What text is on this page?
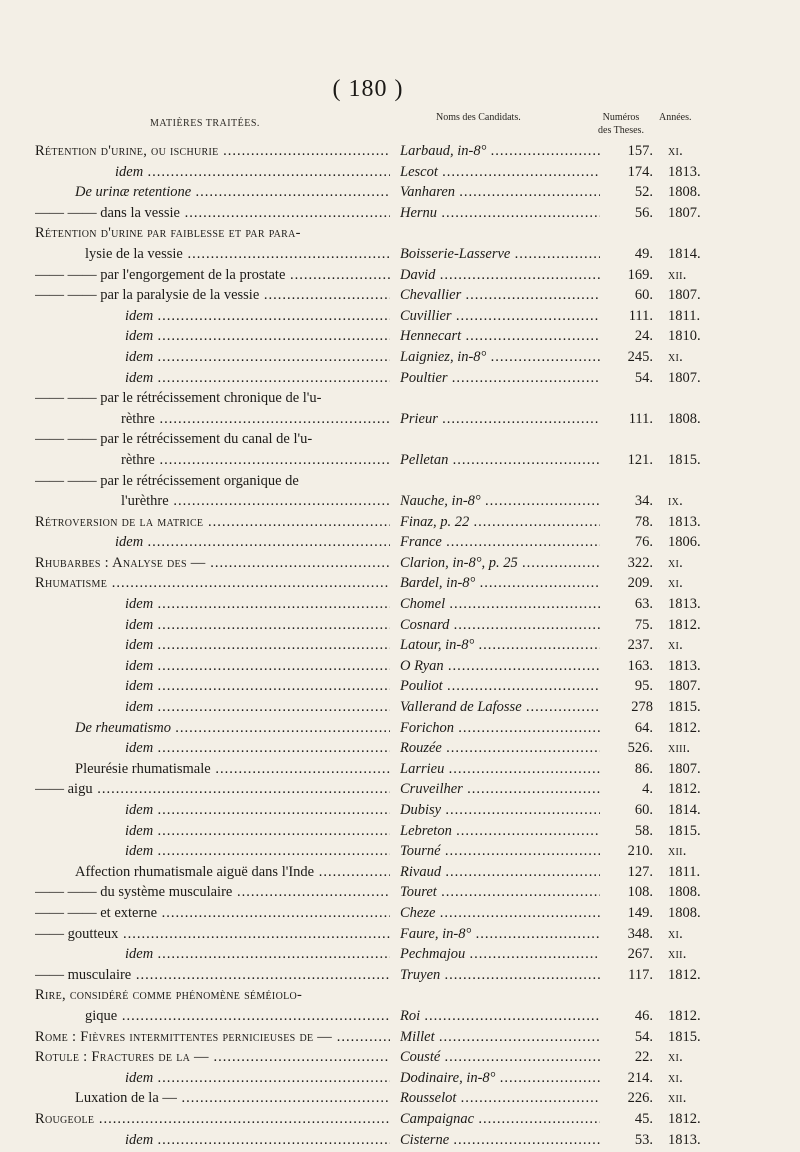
( 180 )
MATIÈRES TRAITÉES.
Noms des Candidats.	Numéros
des Theses.
Années.
Rétention d'urine, ou ischurie .....	Larbaud, in-8° .....	157. xi.
idem .....	Lescot .....	174. 1813.
De urinæ retentione .....	Vanharen .....	52. 1808.
—— —— dans la vessie .....	Hernu .....	56. 1807.
Rétention d'urine par faiblesse et par para-
lysie de la vessie .....	Boisserie-Lasserve .....	49. 1814.
—— —— par l'engorgement de la prostate .....	David .....	169. xii.
—— —— par la paralysie de la vessie .....	Chevallier .....	60. 1807.
idem .....	Cuvillier .....	111. 1811.
idem .....	Hennecart .....	24. 1810.
idem .....	Laigniez, in-8° .....	245. xi.
idem .....	Poultier .....	54. 1807.
—— —— par le rétrécissement chronique de l'u-
rèthre .....	Prieur .....	111. 1808.
—— —— par le rétrécissement du canal de l'u-
rèthre .....	Pelletan .....	121. 1815.
—— —— par le rétrécissement organique de
l'urèthre .....	Nauche, in-8° .....	34. ix.
Rétroversion de la matrice .....	Finaz, p. 22 .....	78. 1813.
idem .....	France .....	76. 1806.
Rhubarbes : Analyse des — .....	Clarion, in-8°, p. 25 .....	322. xi.
Rhumatisme .....	Bardel, in-8° .....	209. xi.
idem .....	Chomel .....	63. 1813.
idem .....	Cosnard .....	75. 1812.
idem .....	Latour, in-8° .....	237. xi.
idem .....	O Ryan .....	163. 1813.
idem .....	Pouliot .....	95. 1807.
idem .....	Vallerand de Lafosse .....	278 1815.
De rheumatismo .....	Forichon .....	64. 1812.
idem .....	Rouzée .....	526. xiii.
Pleurésie rhumatismale .....	Larrieu .....	86. 1807.
—— aigu .....	Cruveilher .....	4. 1812.
idem .....	Dubisy .....	60. 1814.
idem .....	Lebreton .....	58. 1815.
idem .....	Tourné .....	210. xii.
Affection rhumatismale aiguë dans l'Inde .....	Rivaud .....	127. 1811.
—— —— du système musculaire .....	Touret .....	108. 1808.
—— —— et externe .....	Cheze .....	149. 1808.
—— goutteux .....	Faure, in-8° .....	348. xi.
idem .....	Pechmajou .....	267. xii.
—— musculaire .....	Truyen .....	117. 1812.
Rire, considéré comme phénomène séméiolo-
gique .....	Roi .....	46. 1812.
Rome : Fièvres intermittentes pernicieuses de — .....	Millet .....	54. 1815.
Rotule : Fractures de la — .....	Cousté .....	22. xi.
idem .....	Dodinaire, in-8° .....	214. xi.
Luxation de la — .....	Rousselot .....	226. xii.
Rougeole .....	Campaignac .....	45. 1812.
idem .....	Cisterne .....	53. 1813.
